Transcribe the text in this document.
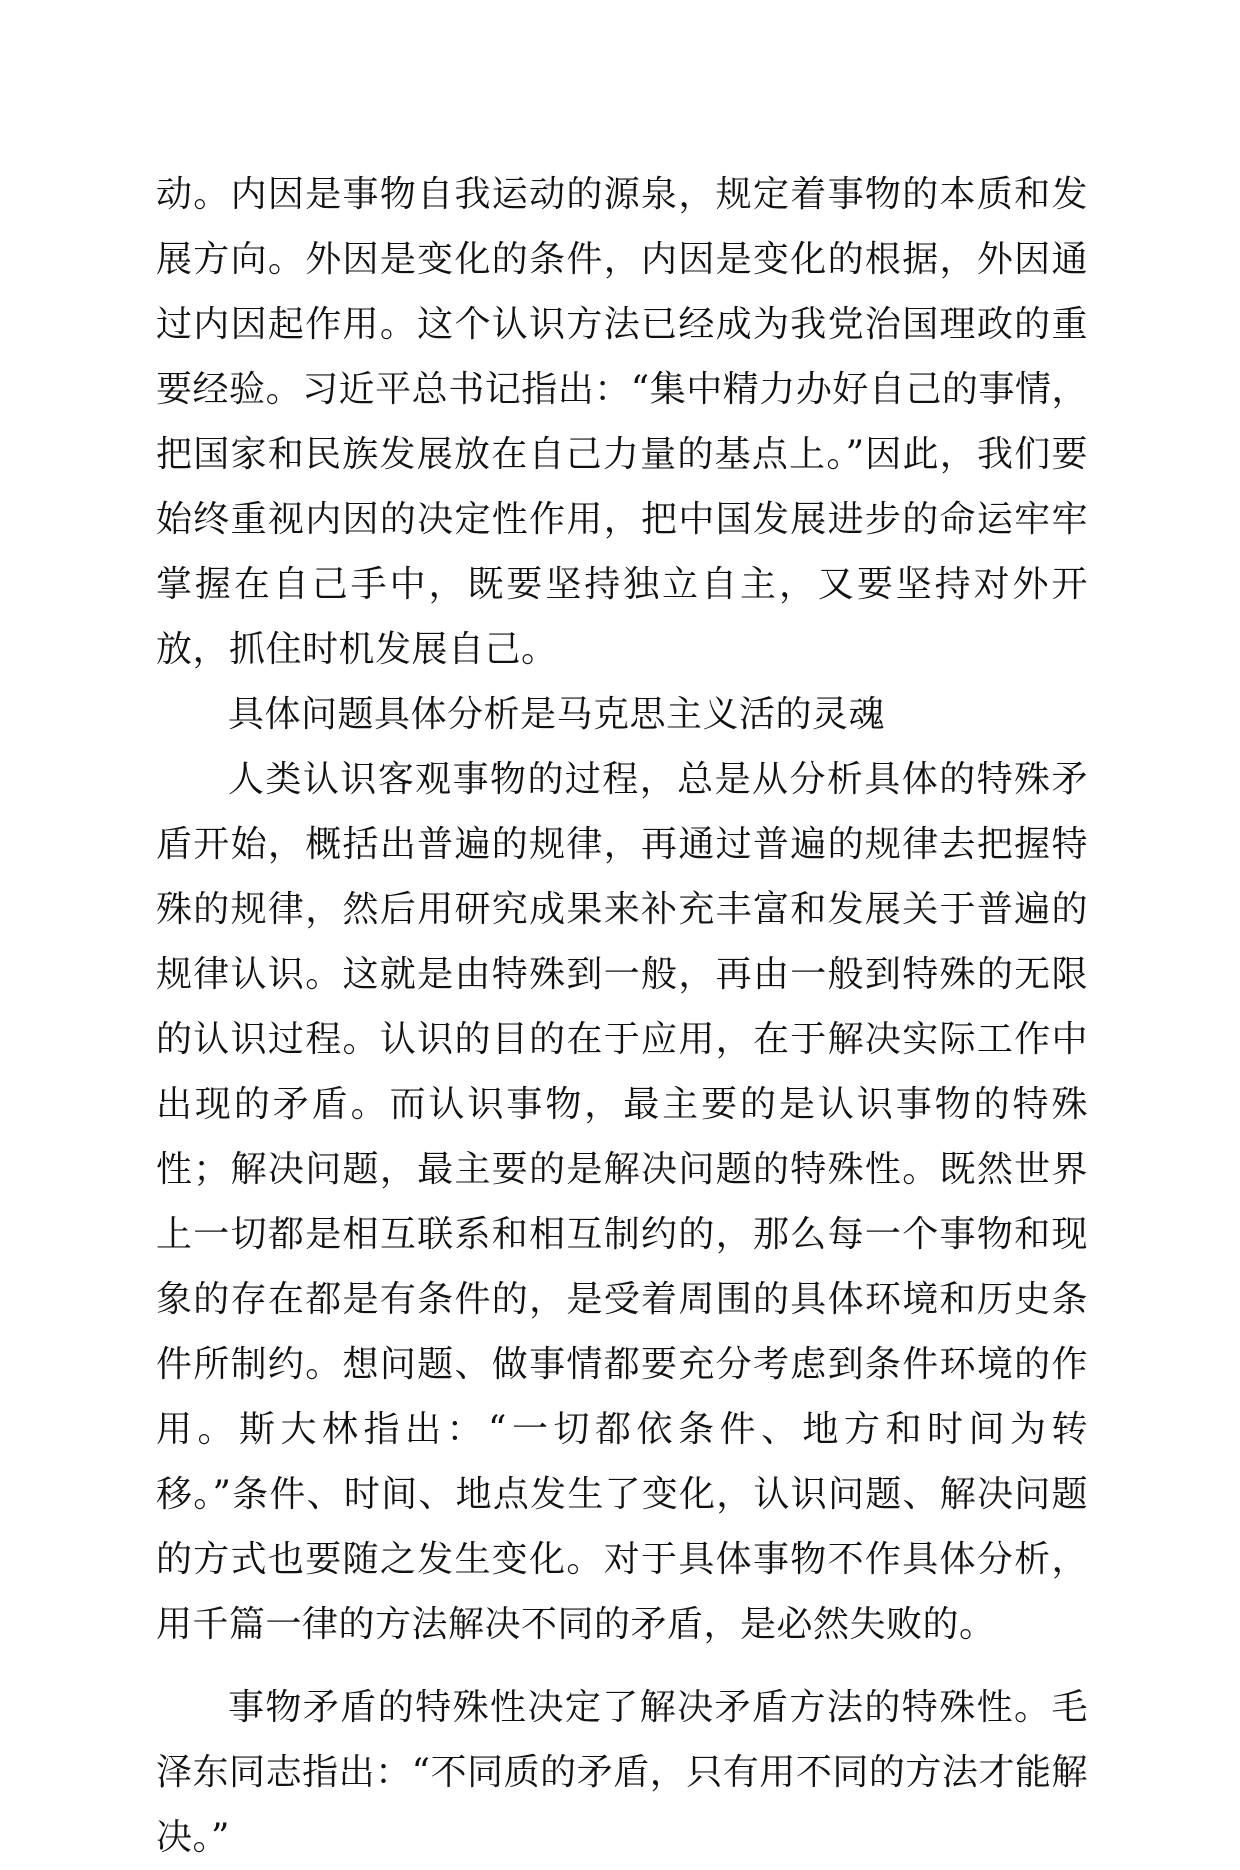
动。内因是事物自我运动的源泉，规定着事物的本质和发展方向。外因是变化的条件，内因是变化的根据，外因通过内因起作用。这个认识方法已经成为我党治国理政的重要经验。习近平总书记指出：“集中精力办好自己的事情，把国家和民族发展放在自己力量的基点上。”因此，我们要始终重视内因的决定性作用，把中国发展进步的命运牢牢掌握在自己手中，既要坚持独立自主，又要坚持对外开放，抓住时机发展自己。

具体问题具体分析是马克思主义活的灵魂

人类认识客观事物的过程，总是从分析具体的特殊矛盾开始，概括出普遍的规律，再通过普遍的规律去把握特殊的规律，然后用研究成果来补充丰富和发展关于普遍的规律认识。这就是由特殊到一般，再由一般到特殊的无限的认识过程。认识的目的在于应用，在于解决实际工作中出现的矛盾。而认识事物，最主要的是认识事物的特殊性；解决问题，最主要的是解决问题的特殊性。既然世界上一切都是相互联系和相互制约的，那么每一个事物和现象的存在都是有条件的，是受着周围的具体环境和历史条件所制约。想问题、做事情都要充分考虑到条件环境的作用。斯大林指出：“一切都依条件、地方和时间为转移。”条件、时间、地点发生了变化，认识问题、解决问题的方式也要随之发生变化。对于具体事物不作具体分析，用千篇一律的方法解决不同的矛盾，是必然失败的。

事物矛盾的特殊性决定了解决矛盾方法的特殊性。毛泽东同志指出：“不同质的矛盾，只有用不同的方法才能解决。”
